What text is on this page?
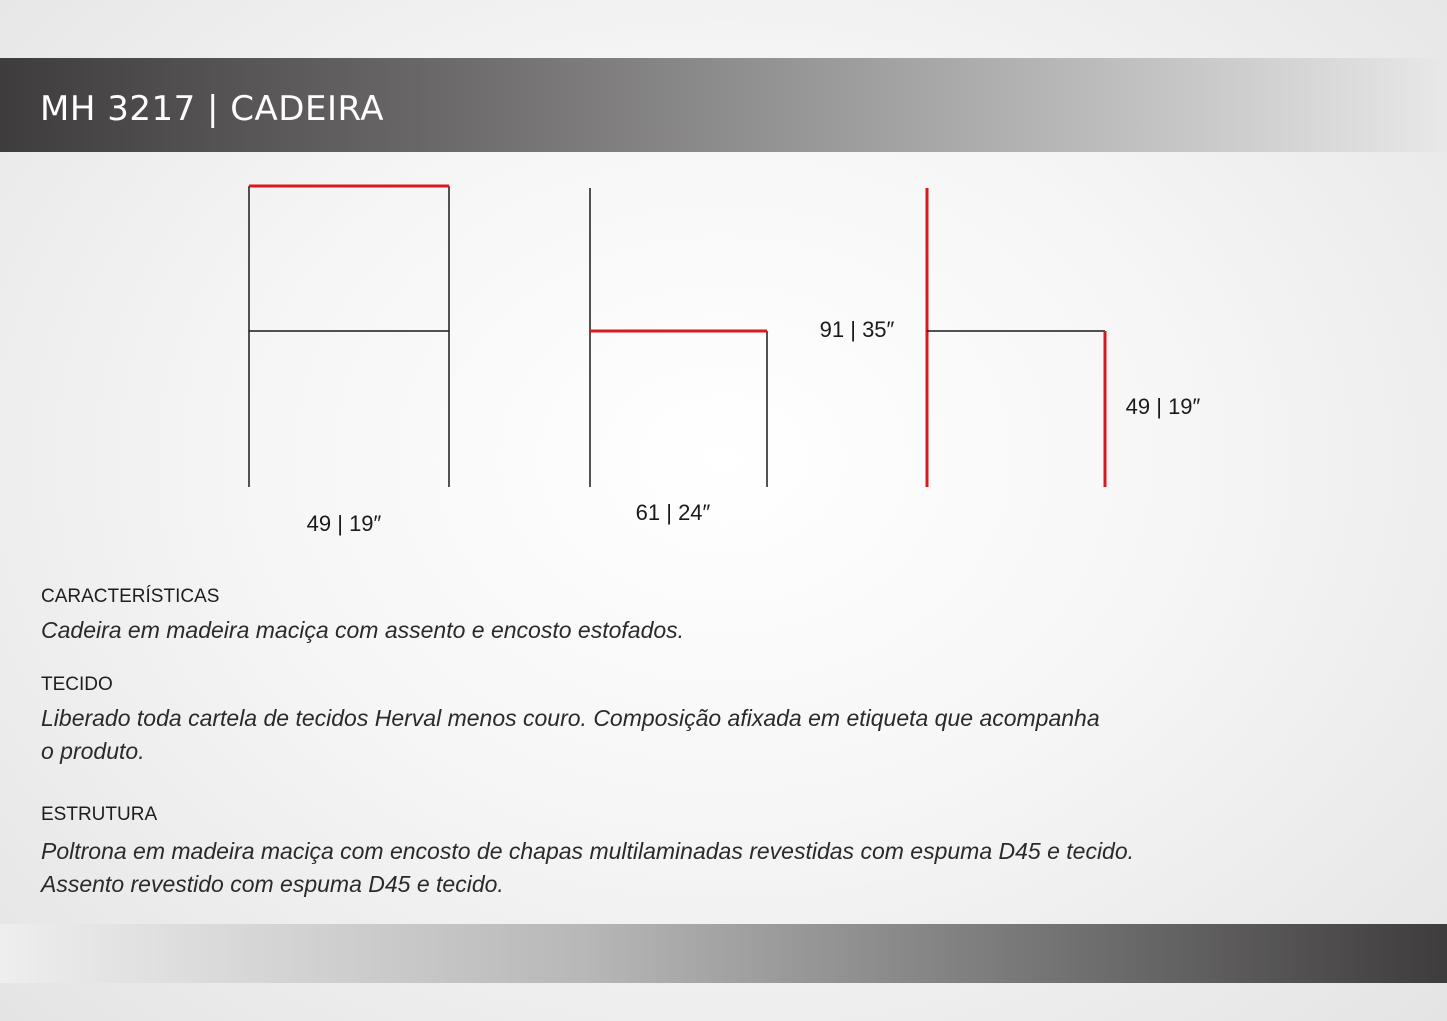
MH 3217 | CADEIRA
49 | 19″	61 | 24″
91 | 35″
49 | 19″
CARACTERÍSTICAS
Cadeira em madeira maciça com assento e encosto estofados.
TECIDO
Liberado toda cartela de tecidos Herval menos couro. Composição afixada em etiqueta que acompanha
o produto.
ESTRUTURA
Poltrona em madeira maciça com encosto de chapas multilaminadas revestidas com espuma D45 e tecido.
Assento revestido com espuma D45 e tecido.
